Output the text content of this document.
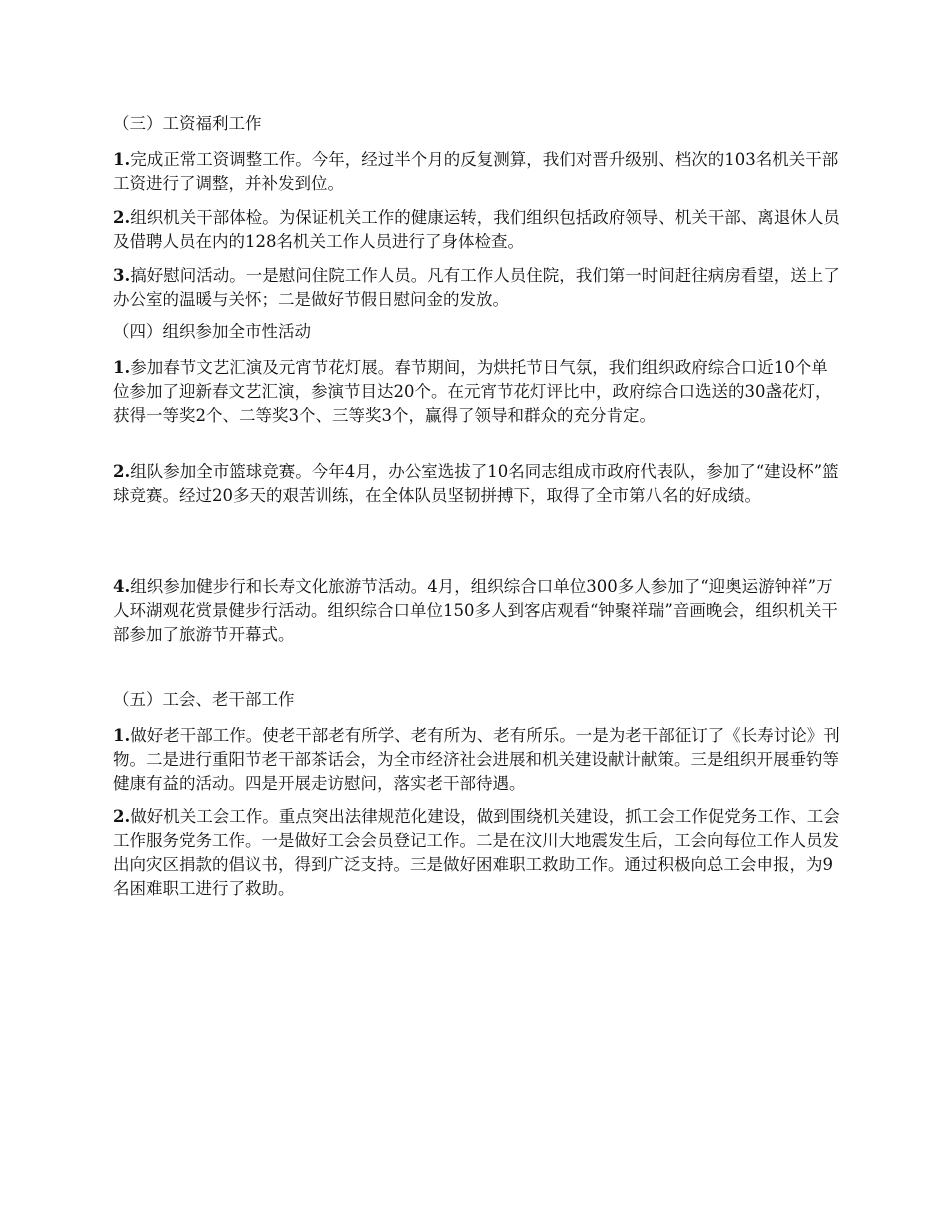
（三）工资福利工作

1.完成正常工资调整工作。今年，经过半个月的反复测算，我们对晋升级别、档次的103名机关干部工资进行了调整，并补发到位。

2.组织机关干部体检。为保证机关工作的健康运转，我们组织包括政府领导、机关干部、离退休人员及借聘人员在内的128名机关工作人员进行了身体检查。

3.搞好慰问活动。一是慰问住院工作人员。凡有工作人员住院，我们第一时间赶往病房看望，送上了办公室的温暖与关怀；二是做好节假日慰问金的发放。

（四）组织参加全市性活动

1.参加春节文艺汇演及元宵节花灯展。春节期间，为烘托节日气氛，我们组织政府综合口近10个单位参加了迎新春文艺汇演，参演节目达20个。在元宵节花灯评比中，政府综合口选送的30盏花灯，获得一等奖2个、二等奖3个、三等奖3个，赢得了领导和群众的充分肯定。

2.组队参加全市篮球竞赛。今年4月，办公室选拔了10名同志组成市政府代表队，参加了“建设杯”篮球竞赛。经过20多天的艰苦训练，在全体队员坚韧拼搏下，取得了全市第八名的好成绩。

4.组织参加健步行和长寿文化旅游节活动。4月，组织综合口单位300多人参加了“迎奥运游钟祥”万人环湖观花赏景健步行活动。组织综合口单位150多人到客店观看“钟聚祥瑞”音画晚会，组织机关干部参加了旅游节开幕式。

（五）工会、老干部工作

1.做好老干部工作。使老干部老有所学、老有所为、老有所乐。一是为老干部征订了《长寿讨论》刊物。二是进行重阳节老干部茶话会，为全市经济社会进展和机关建设献计献策。三是组织开展垂钓等健康有益的活动。四是开展走访慰问，落实老干部待遇。

2.做好机关工会工作。重点突出法律规范化建设，做到围绕机关建设，抓工会工作促党务工作、工会工作服务党务工作。一是做好工会会员登记工作。二是在汶川大地震发生后，工会向每位工作人员发出向灾区捐款的倡议书，得到广泛支持。三是做好困难职工救助工作。通过积极向总工会申报，为9名困难职工进行了救助。
